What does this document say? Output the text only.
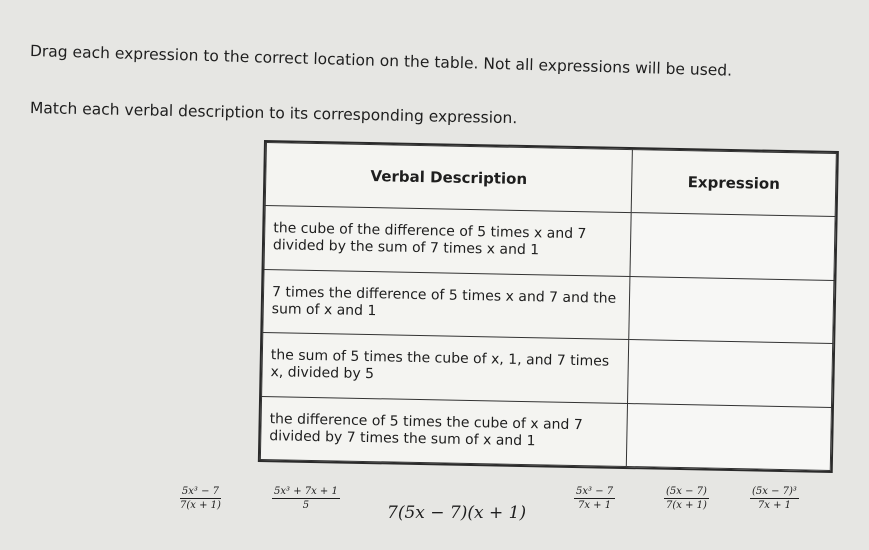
Drag each expression to the correct location on the table. Not all expressions will be used.
Match each verbal description to its corresponding expression.
Verbal Description	Expression
the cube of the difference of 5 times x and 7 divided by the sum of 7 times x and 1	
7 times the difference of 5 times x and 7 and the sum of x and 1	
the sum of 5 times the cube of x, 1, and 7 times x, divided by 5	
the difference of 5 times the cube of x and 7 divided by 7 times the sum of x and 1	
$\frac{\text{5x³ − 7}}{7(x + 1)}$	$\frac{\text{5x³ + 7x + 1}}{5}$
7(5x − 7)(x + 1)
$\frac{\text{5x³ − 7}}{7x + 1}$	$\frac{(5x - 7)}{7(x + 1)}$	$\frac{\text{(5x − 7)³}}{7x + 1}$
